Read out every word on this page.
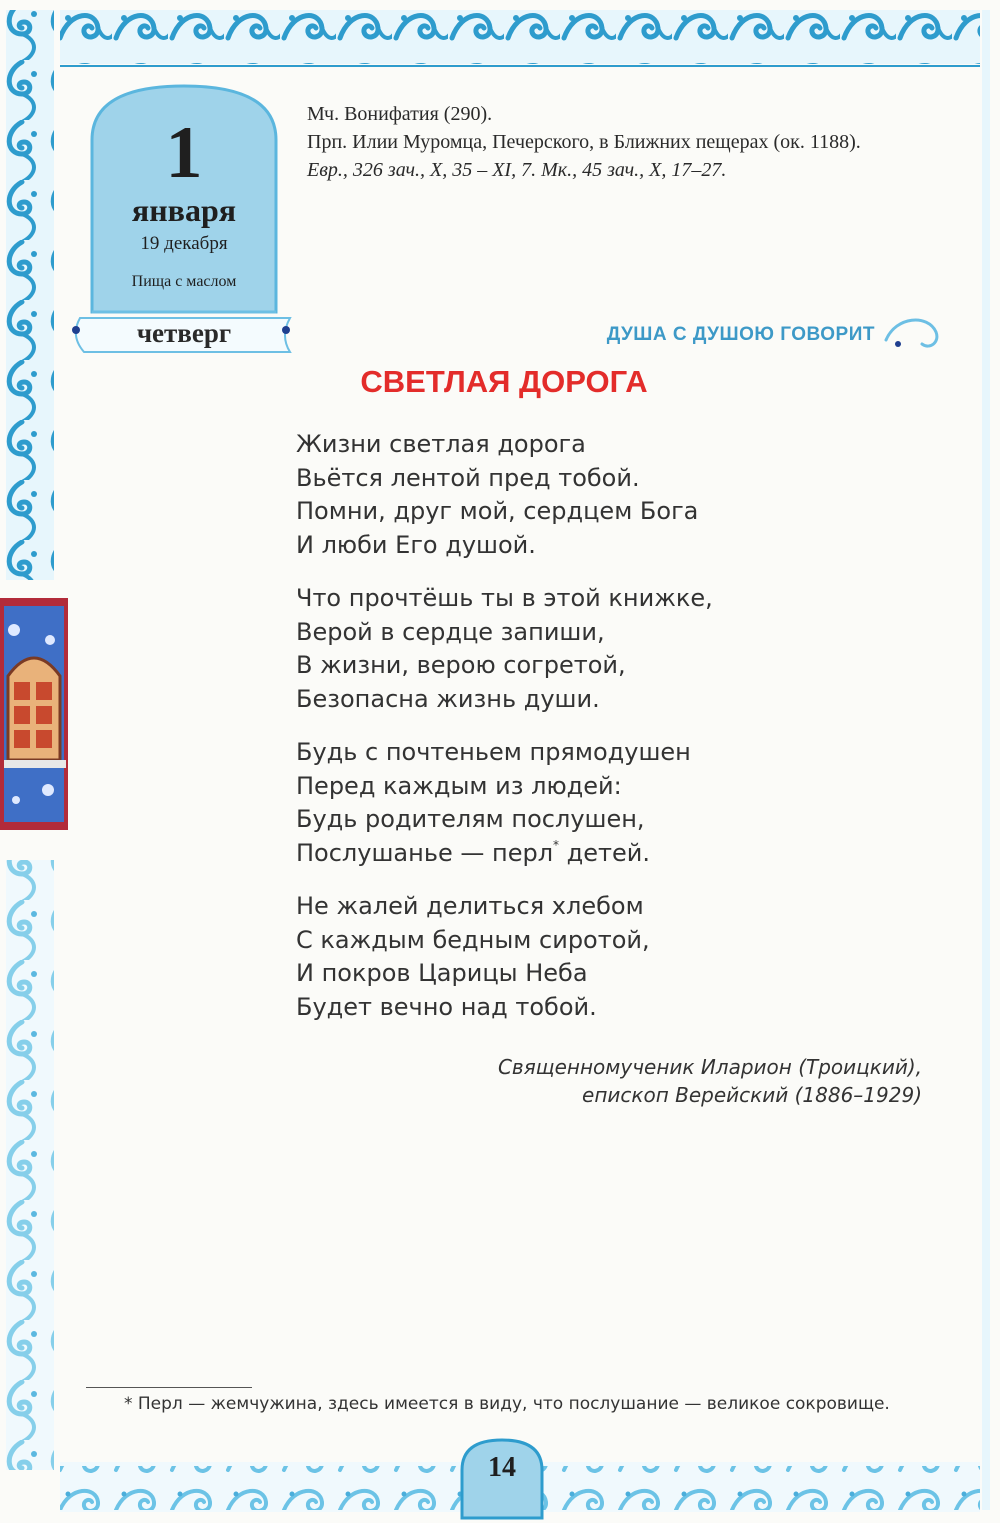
1
января
19 декабря
Пища с маслом
четверг
Мч. Вонифатия (290).
Прп. Илии Муромца, Печерского, в Ближних пещерах (ок. 1188).
Евр., 326 зач., X, 35 – XI, 7. Мк., 45 зач., X, 17–27.
ДУША С ДУШОЮ ГОВОРИТ
СВЕТЛАЯ ДОРОГА
Жизни светлая дорога
Вьётся лентой пред тобой.
Помни, друг мой, сердцем Бога
И люби Его душой.
Что прочтёшь ты в этой книжке,
Верой в сердце запиши,
В жизни, верою согретой,
Безопасна жизнь души.
Будь с почтеньем прямодушен
Перед каждым из людей:
Будь родителям послушен,
Послушанье — перл* детей.
Не жалей делиться хлебом
С каждым бедным сиротой,
И покров Царицы Неба
Будет вечно над тобой.
Священномученик Иларион (Троицкий),
епископ Верейский (1886–1929)
* Перл — жемчужина, здесь имеется в виду, что послушание — великое сокровище.
14
